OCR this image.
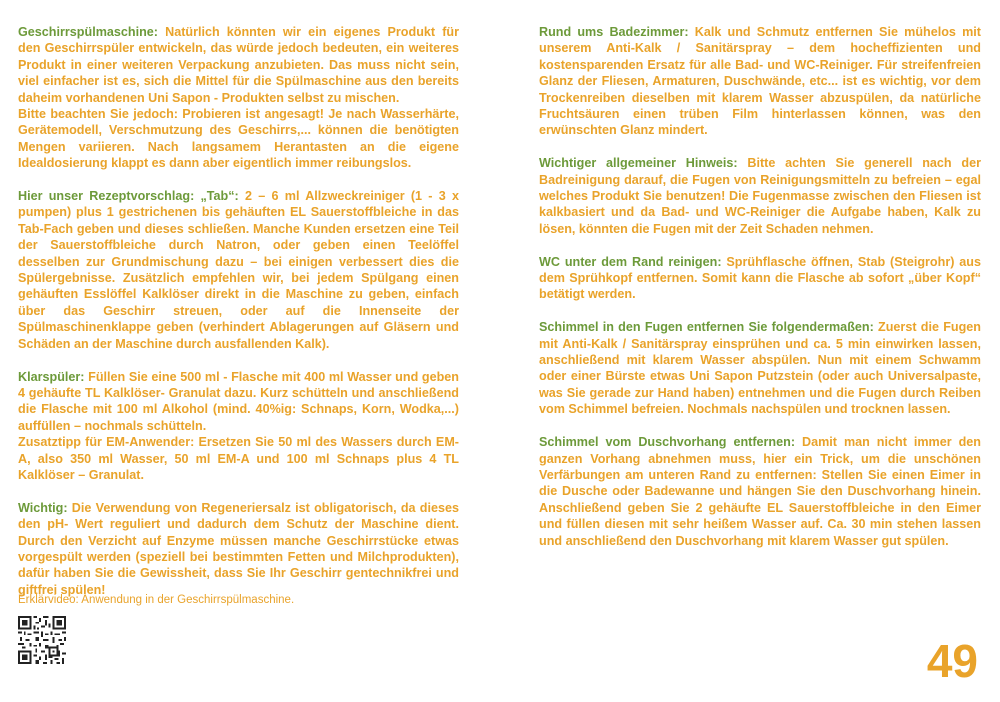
Geschirrspülmaschine: Natürlich könnten wir ein eigenes Produkt für den Geschirrspüler entwickeln, das würde jedoch bedeuten, ein weiteres Produkt in einer weiteren Verpackung anzubieten. Das muss nicht sein, viel einfacher ist es, sich die Mittel für die Spülmaschine aus den bereits daheim vorhandenen Uni Sapon - Produkten selbst zu mischen.
Bitte beachten Sie jedoch: Probieren ist angesagt! Je nach Wasserhärte, Gerätemodell, Verschmutzung des Geschirrs,... können die benötigten Mengen variieren. Nach langsamem Herantasten an die eigene Idealdosierung klappt es dann aber eigentlich immer reibungslos.

Hier unser Rezeptvorschlag: „Tab“: 2 – 6 ml Allzweckreiniger (1 - 3 x pumpen) plus 1 gestrichenen bis gehäuften EL Sauerstoffbleiche in das Tab-Fach geben und dieses schließen. Manche Kunden ersetzen eine Teil der Sauerstoffbleiche durch Natron, oder geben einen Teelöffel desselben zur Grundmischung dazu – bei einigen verbessert dies die Spülergebnisse. Zusätzlich empfehlen wir, bei jedem Spülgang einen gehäuften Esslöffel Kalklöser direkt in die Maschine zu geben, einfach über das Geschirr streuen, oder auf die Innenseite der Spülmaschinenklappe geben (verhindert Ablagerungen auf Gläsern und Schäden an der Maschine durch ausfallenden Kalk).

Klarspüler: Füllen Sie eine 500 ml - Flasche mit 400 ml Wasser und geben 4 gehäufte TL Kalklöser- Granulat dazu. Kurz schütteln und anschließend die Flasche mit 100 ml Alkohol (mind. 40%ig: Schnaps, Korn, Wodka,...) auffüllen – nochmals schütteln.
Zusatztipp für EM-Anwender: Ersetzen Sie 50 ml des Wassers durch EM-A, also 350 ml Wasser, 50 ml EM-A und 100 ml Schnaps plus 4 TL Kalklöser – Granulat.

Wichtig: Die Verwendung von Regeneriersalz ist obligatorisch, da dieses den pH- Wert reguliert und dadurch dem Schutz der Maschine dient. Durch den Verzicht auf Enzyme müssen manche Geschirrstücke etwas vorgespült werden (speziell bei bestimmten Fetten und Milchprodukten), dafür haben Sie die Gewissheit, dass Sie Ihr Geschirr gentechnikfrei und giftfrei spülen!

Rund ums Badezimmer: Kalk und Schmutz entfernen Sie mühelos mit unserem Anti-Kalk / Sanitärspray – dem hocheffizienten und kostensparenden Ersatz für alle Bad- und WC-Reiniger. Für streifenfreien Glanz der Fliesen, Armaturen, Duschwände, etc... ist es wichtig, vor dem Trockenreiben dieselben mit klarem Wasser abzuspülen, da natürliche Fruchtsäuren einen trüben Film hinterlassen können, was den erwünschten Glanz mindert.

Wichtiger allgemeiner Hinweis: Bitte achten Sie generell nach der Badreinigung darauf, die Fugen von Reinigungsmitteln zu befreien – egal welches Produkt Sie benutzen! Die Fugenmasse zwischen den Fliesen ist kalkbasiert und da Bad- und WC-Reiniger die Aufgabe haben, Kalk zu lösen, könnten die Fugen mit der Zeit Schaden nehmen.

WC unter dem Rand reinigen: Sprühflasche öffnen, Stab (Steigrohr) aus dem Sprühkopf entfernen. Somit kann die Flasche ab sofort „über Kopf“ betätigt werden.

Schimmel in den Fugen entfernen Sie folgendermaßen: Zuerst die Fugen mit Anti-Kalk / Sanitärspray einsprühen und ca. 5 min einwirken lassen, anschließend mit klarem Wasser abspülen. Nun mit einem Schwamm oder einer Bürste etwas Uni Sapon Putzstein (oder auch Universalpaste, was Sie gerade zur Hand haben) entnehmen und die Fugen durch Reiben vom Schimmel befreien. Nochmals nachspülen und trocknen lassen.

Schimmel vom Duschvorhang entfernen: Damit man nicht immer den ganzen Vorhang abnehmen muss, hier ein Trick, um die unschönen Verfärbungen am unteren Rand zu entfernen: Stellen Sie einen Eimer in die Dusche oder Badewanne und hängen Sie den Duschvorhang hinein. Anschließend geben Sie 2 gehäufte EL Sauerstoffbleiche in den Eimer und füllen diesen mit sehr heißem Wasser auf. Ca. 30 min stehen lassen und anschließend den Duschvorhang mit klarem Wasser gut spülen.

Erklärvideo: Anwendung in der Geschirrspülmaschine.
49
